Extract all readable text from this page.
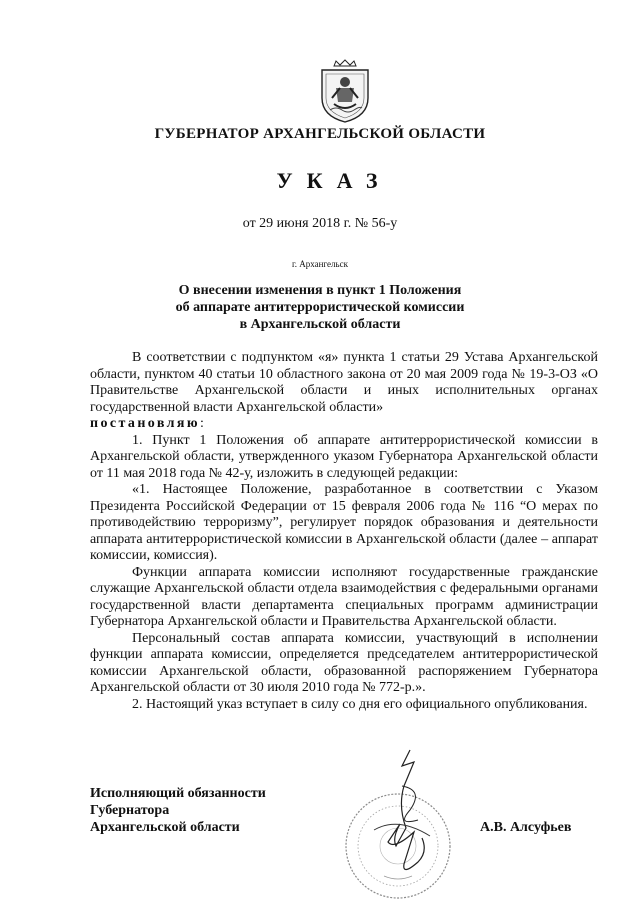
ГУБЕРНАТОР АРХАНГЕЛЬСКОЙ ОБЛАСТИ
УКАЗ
от 29 июня 2018 г. № 56-у
г. Архангельск
О внесении изменения в пункт 1 Положения
об аппарате антитеррористической комиссии
в Архангельской области

В соответствии с подпунктом «я» пункта 1 статьи 29 Устава Архангельской области, пунктом 40 статьи 10 областного закона от 20 мая 2009 года № 19-3-ОЗ «О Правительстве Архангельской области и иных исполнительных органах государственной власти Архангельской области»

постановляю:

1. Пункт 1 Положения об аппарате антитеррористической комиссии в Архангельской области, утвержденного указом Губернатора Архангельской области от 11 мая 2018 года № 42-у, изложить в следующей редакции:

«1. Настоящее Положение, разработанное в соответствии с Указом Президента Российской Федерации от 15 февраля 2006 года № 116 “О мерах по противодействию терроризму”, регулирует порядок образования и деятельности аппарата антитеррористической комиссии в Архангельской области (далее – аппарат комиссии, комиссия).

Функции аппарата комиссии исполняют государственные гражданские служащие Архангельской области отдела взаимодействия с федеральными органами государственной власти департамента специальных программ администрации Губернатора Архангельской области и Правительства Архангельской области.

Персональный состав аппарата комиссии, участвующий в исполнении функции аппарата комиссии, определяется председателем антитеррористической комиссии Архангельской области, образованной распоряжением Губернатора Архангельской области от 30 июля 2010 года № 772-р.».

2. Настоящий указ вступает в силу со дня его официального опубликования.

Исполняющий обязанности
Губернатора
Архангельской области	А.В. Алсуфьев
